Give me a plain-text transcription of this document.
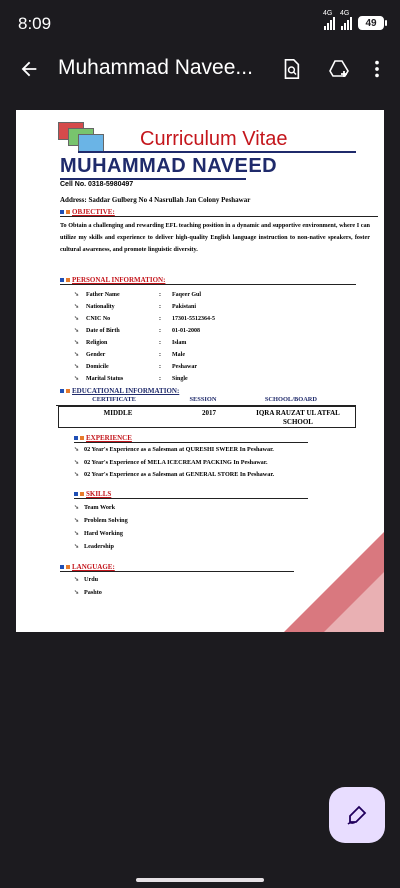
8:09
4G 4G
49
Muhammad Navee...
Curriculum Vitae
MUHAMMAD NAVEED
Cell No. 0318-5980497
Address: Saddar Gulberg No 4 Nasrullah Jan Colony Peshawar
OBJECTIVE:
To Obtain a challenging and rewarding EFL teaching position in a dynamic and supportive environment, where I can utilize my skills and experience to deliver high-quality English language instruction to non-native speakers, foster cultural awareness, and promote linguistic diversity.
PERSONAL INFORMATION:
➘	Father Name	:	Faqeer Gul
➘	Nationality	:	Pakistani
➘	CNIC No	:	17301-5512364-5
➘	Date of Birth	:	01-01-2008
➘	Religion	:	Islam
➘	Gender	:	Male
➘	Domicile	:	Peshawar
➘	Marital Status	:	Single
EDUCATIONAL INFORMATION:
CERTIFICATE	SESSION	SCHOOL/BOARD
MIDDLE	2017	IQRA RAUZAT UL ATFAL SCHOOL
EXPERIENCE
➘ 02 Year's Experience as a Salesman at QURESHI SWEER In Peshawar.
➘ 02 Year's Experience of MELA ICECREAM PACKING In Peshawar.
➘ 02 Year's Experience as a Salesman at GENERAL STORE In Peshawar.
SKILLS
➘ Team Work
➘ Problem Solving
➘ Hard Working
➘ Leadership
LANGUAGE:
➘ Urdu
➘ Pashto
